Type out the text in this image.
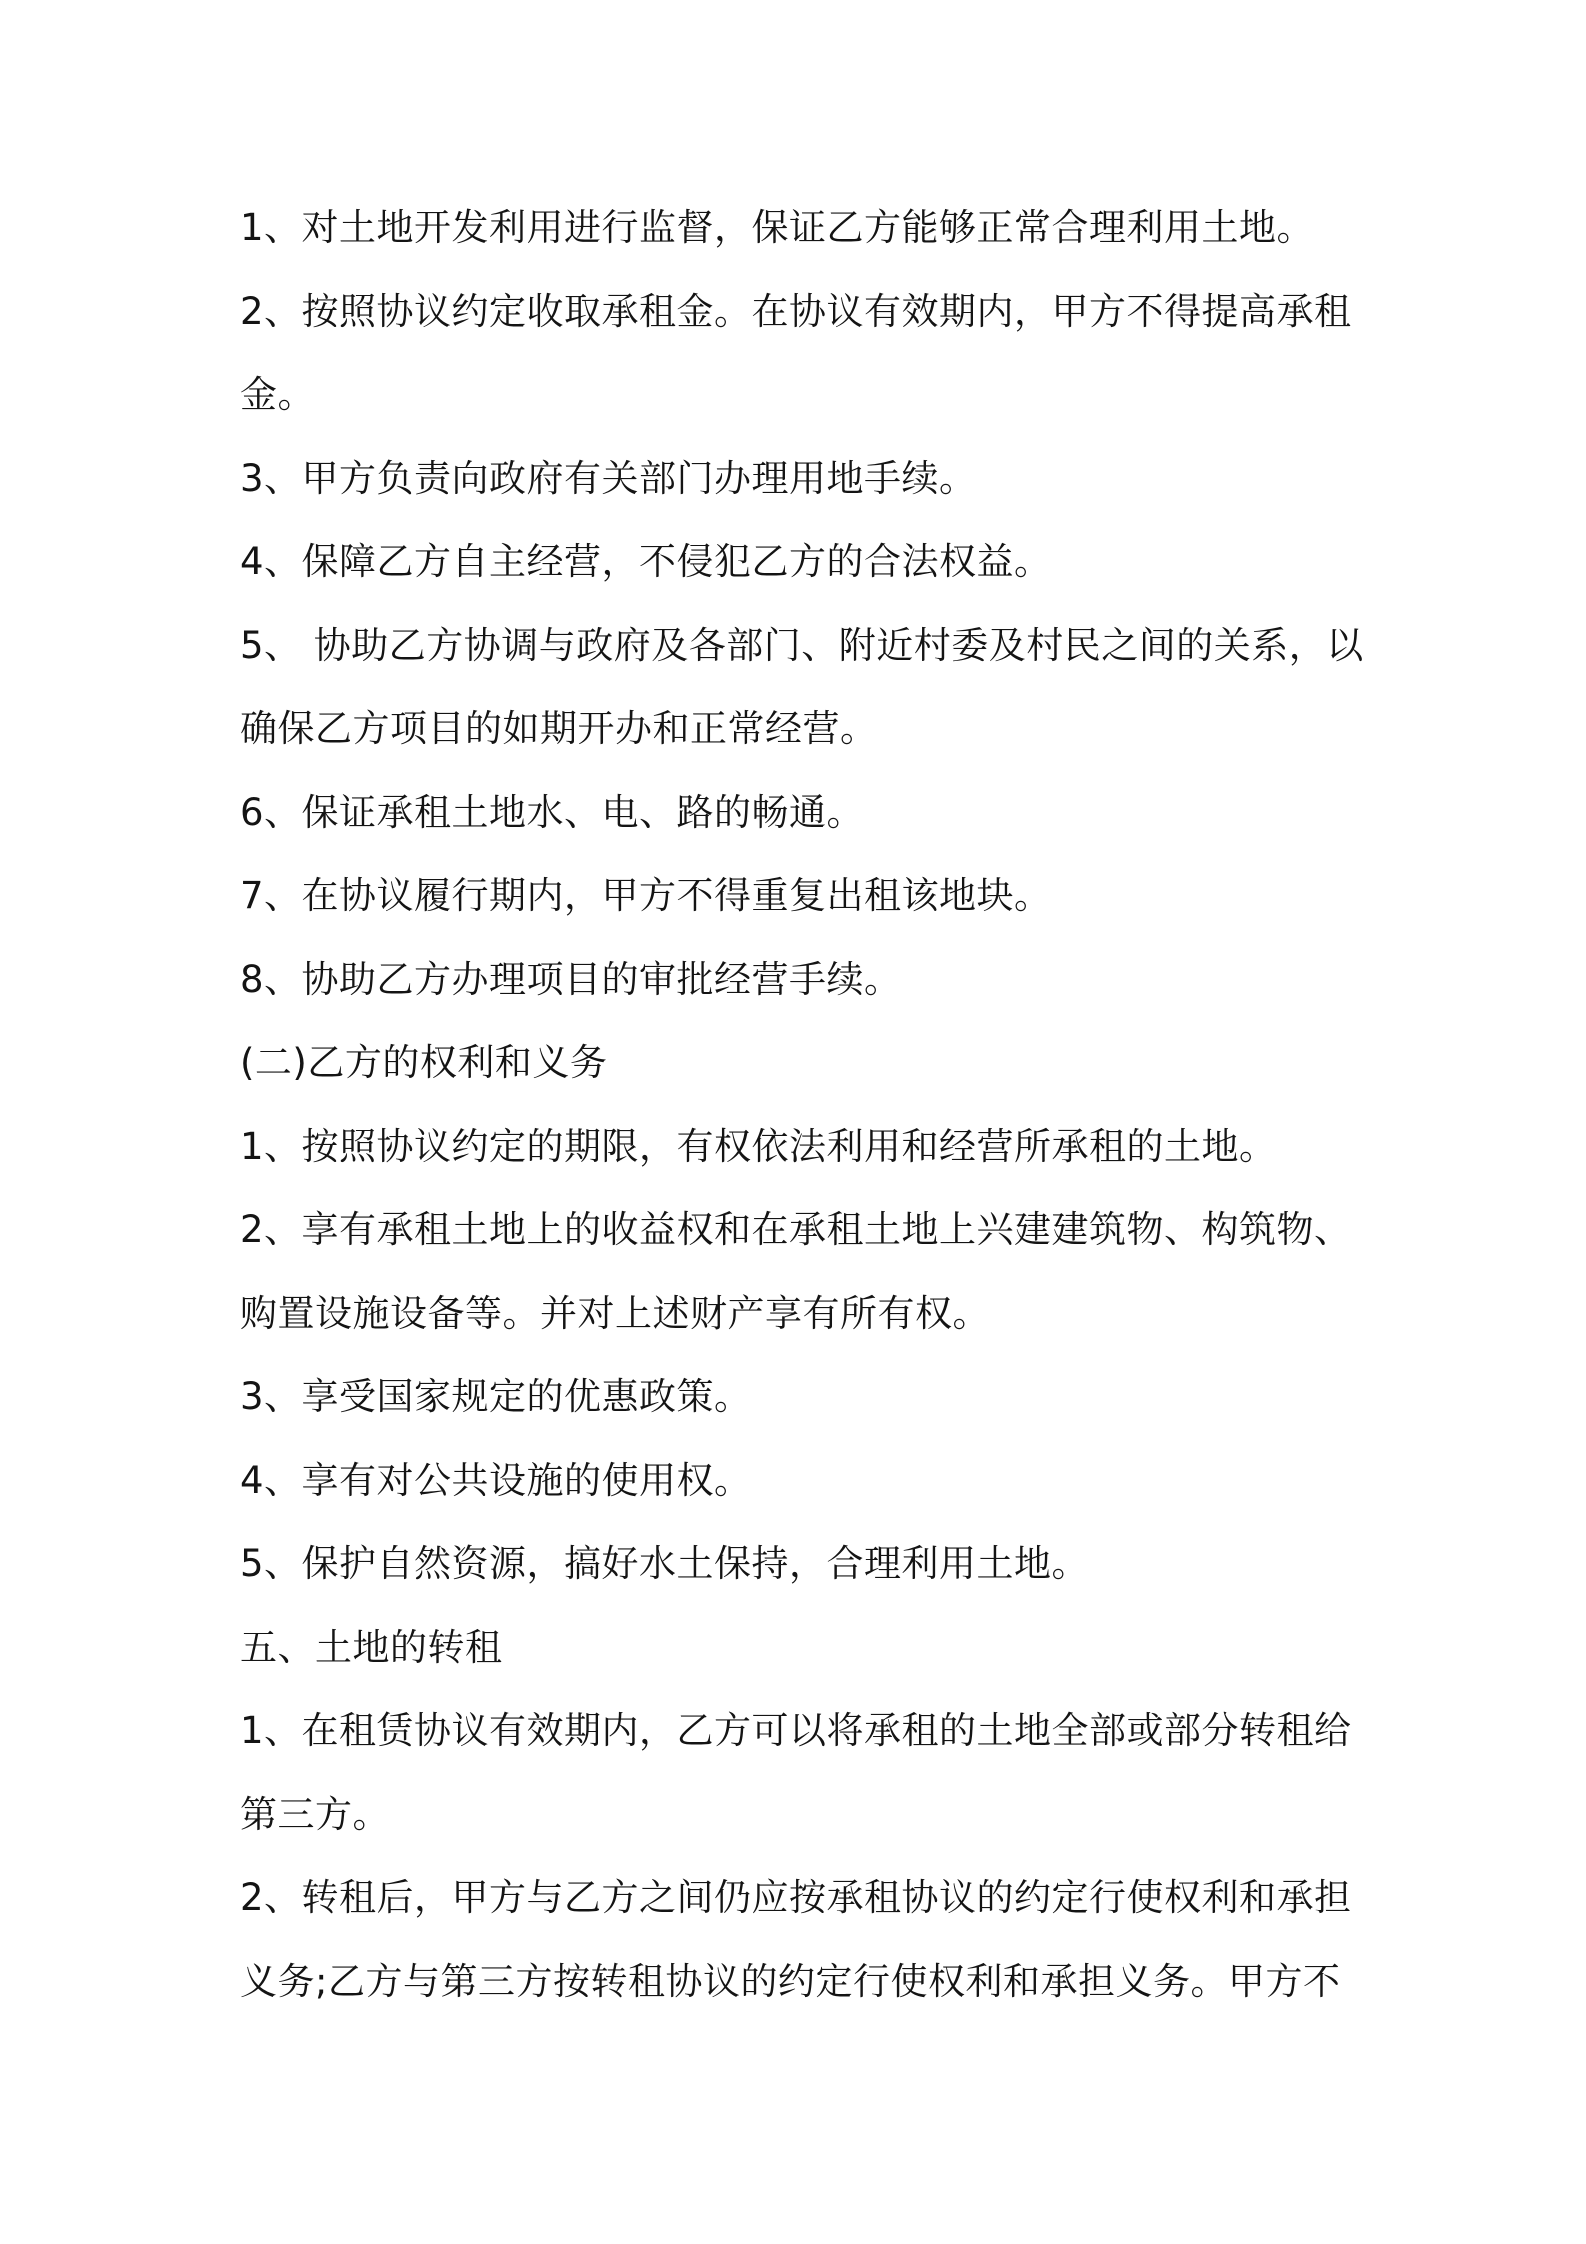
1、对土地开发利用进行监督，保证乙方能够正常合理利用土地。
2、按照协议约定收取承租金。在协议有效期内，甲方不得提高承租
金。
3、甲方负责向政府有关部门办理用地手续。
4、保障乙方自主经营，不侵犯乙方的合法权益。
5、 协助乙方协调与政府及各部门、附近村委及村民之间的关系，以
确保乙方项目的如期开办和正常经营。
6、保证承租土地水、电、路的畅通。
7、在协议履行期内，甲方不得重复出租该地块。
8、协助乙方办理项目的审批经营手续。
(二)乙方的权利和义务
1、按照协议约定的期限，有权依法利用和经营所承租的土地。
2、享有承租土地上的收益权和在承租土地上兴建建筑物、构筑物、
购置设施设备等。并对上述财产享有所有权。
3、享受国家规定的优惠政策。
4、享有对公共设施的使用权。
5、保护自然资源，搞好水土保持，合理利用土地。
五、土地的转租
1、在租赁协议有效期内，乙方可以将承租的土地全部或部分转租给
第三方。
2、转租后，甲方与乙方之间仍应按承租协议的约定行使权利和承担
义务;乙方与第三方按转租协议的约定行使权利和承担义务。甲方不
